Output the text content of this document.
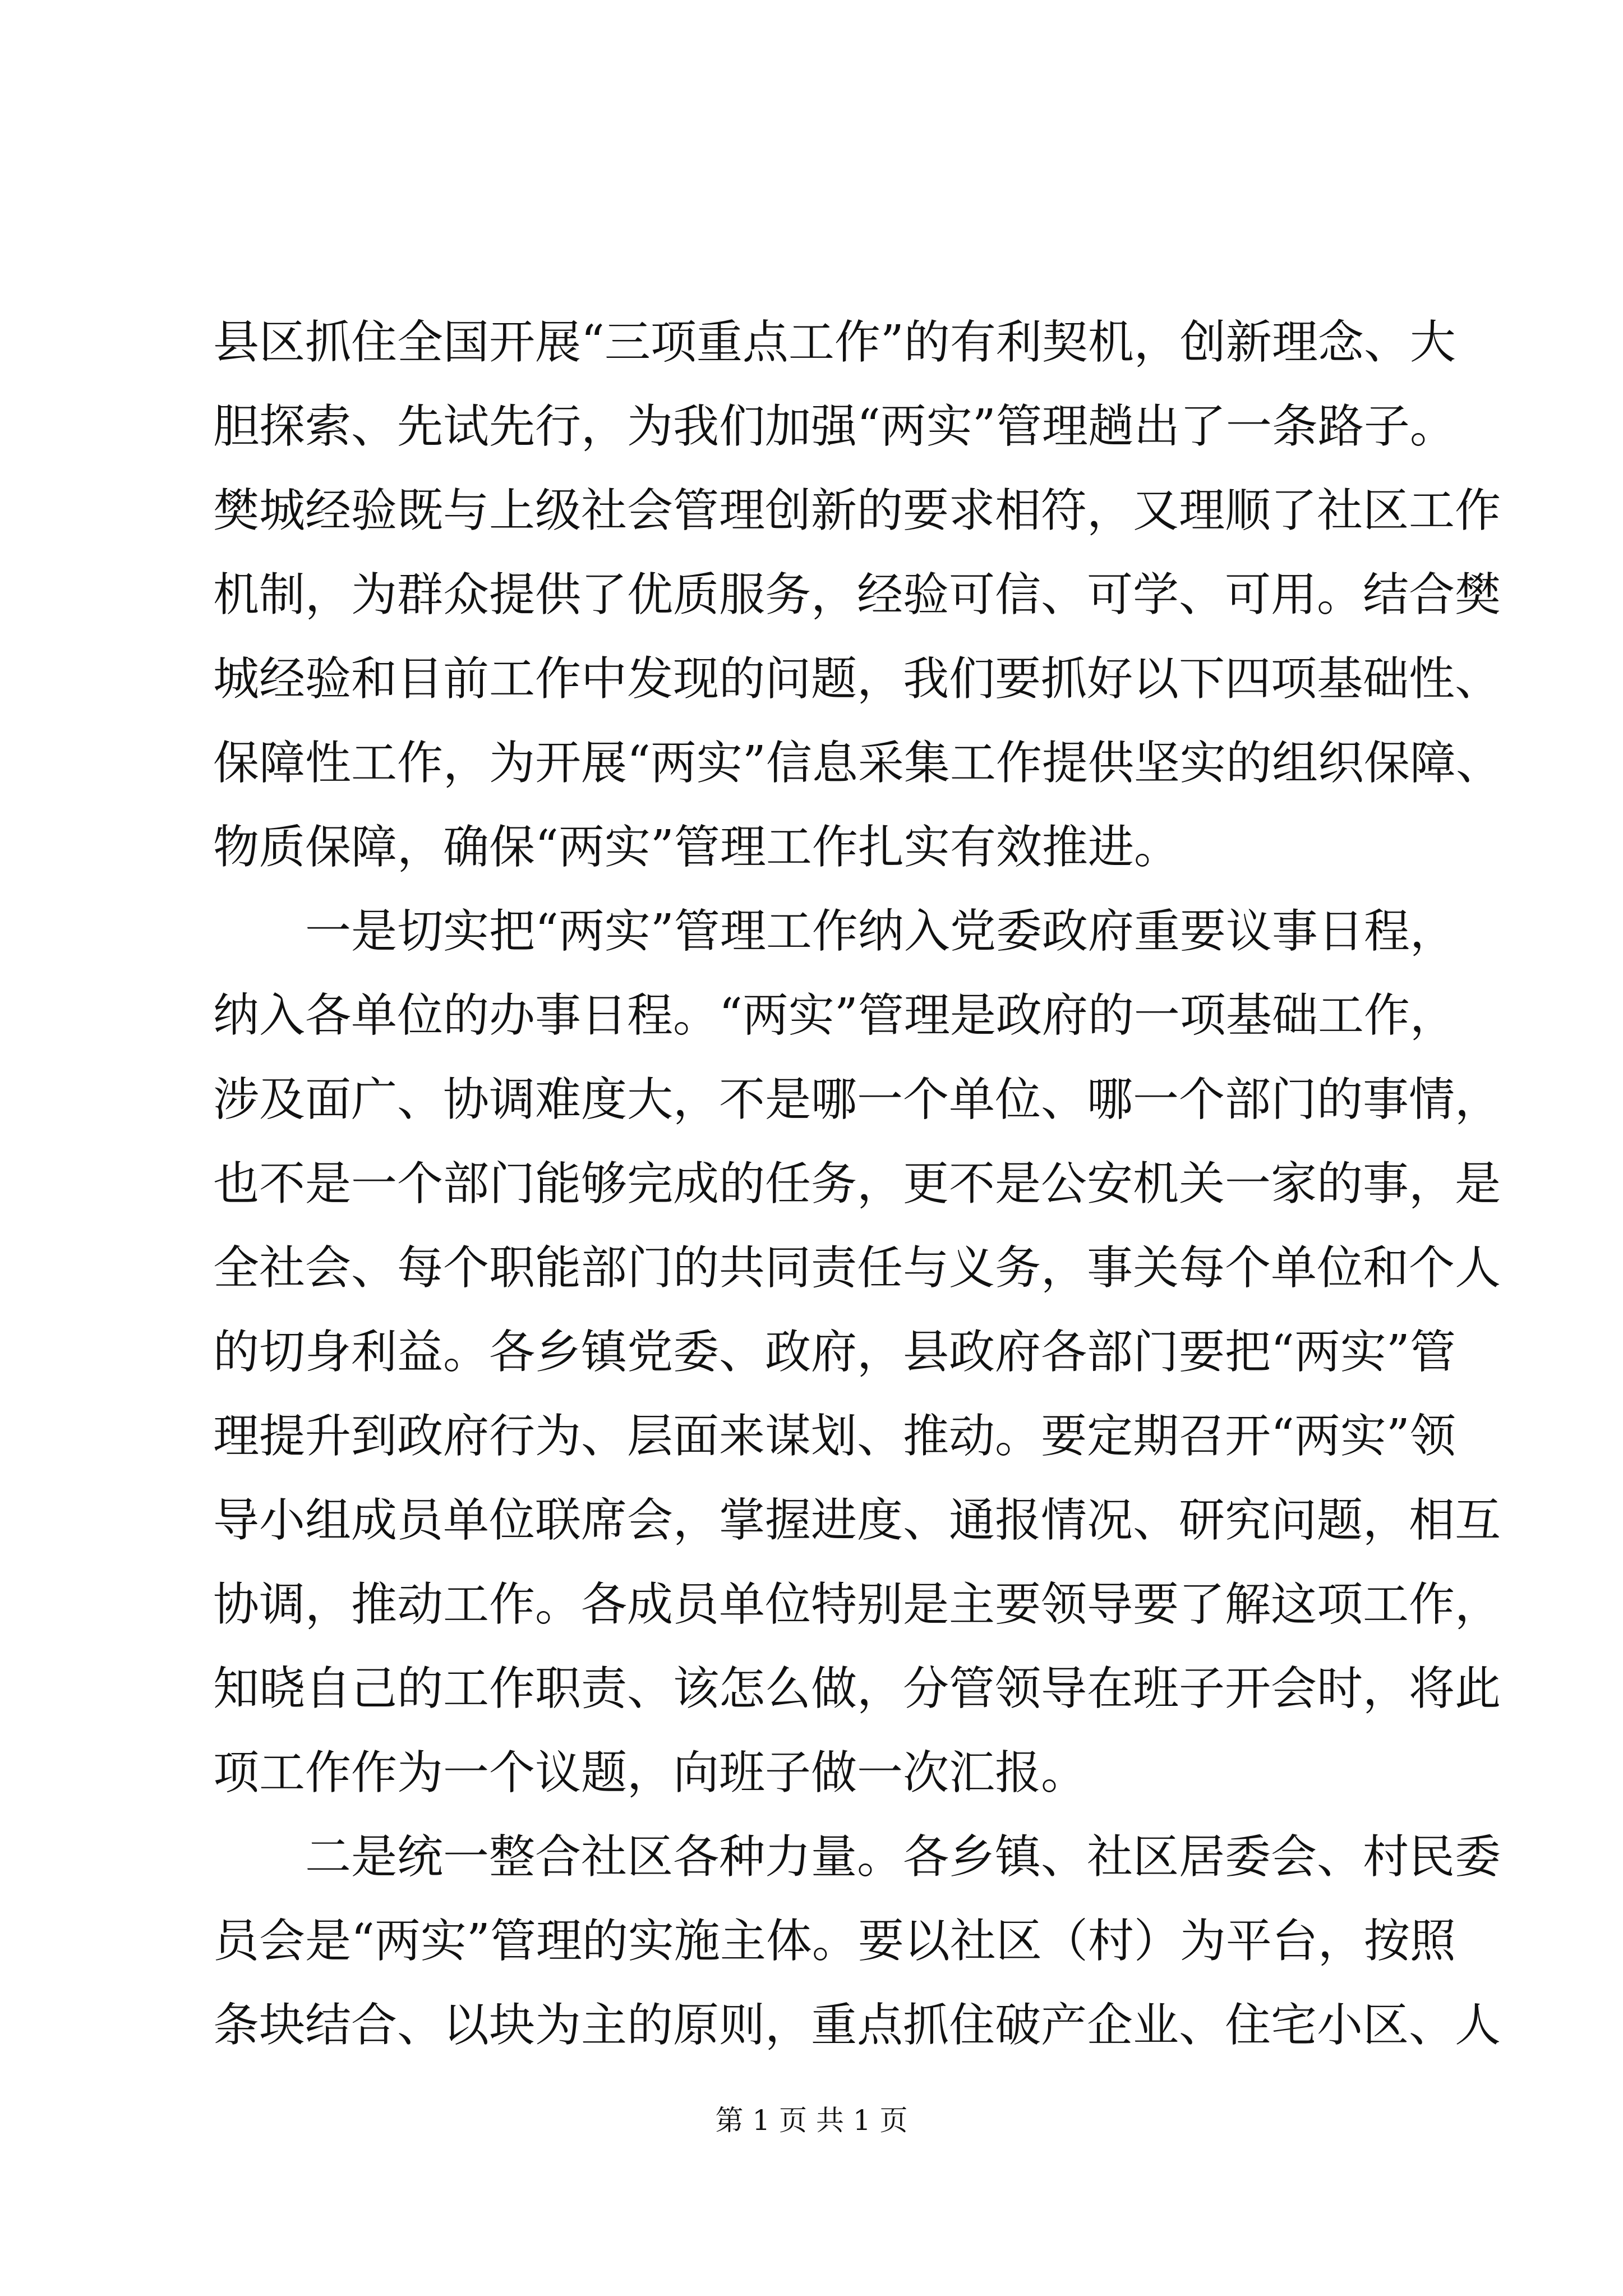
县区抓住全国开展“三项重点工作”的有利契机，创新理念、大
胆探索、先试先行，为我们加强“两实”管理趟出了一条路子。
樊城经验既与上级社会管理创新的要求相符，又理顺了社区工作
机制，为群众提供了优质服务，经验可信、可学、可用。结合樊
城经验和目前工作中发现的问题，我们要抓好以下四项基础性、
保障性工作，为开展“两实”信息采集工作提供坚实的组织保障、
物质保障，确保“两实”管理工作扎实有效推进。
　　一是切实把“两实”管理工作纳入党委政府重要议事日程，
纳入各单位的办事日程。“两实”管理是政府的一项基础工作，
涉及面广、协调难度大，不是哪一个单位、哪一个部门的事情，
也不是一个部门能够完成的任务，更不是公安机关一家的事，是
全社会、每个职能部门的共同责任与义务，事关每个单位和个人
的切身利益。各乡镇党委、政府，县政府各部门要把“两实”管
理提升到政府行为、层面来谋划、推动。要定期召开“两实”领
导小组成员单位联席会，掌握进度、通报情况、研究问题，相互
协调，推动工作。各成员单位特别是主要领导要了解这项工作，
知晓自己的工作职责、该怎么做，分管领导在班子开会时，将此
项工作作为一个议题，向班子做一次汇报。
　　二是统一整合社区各种力量。各乡镇、社区居委会、村民委
员会是“两实”管理的实施主体。要以社区（村）为平台，按照
条块结合、以块为主的原则，重点抓住破产企业、住宅小区、人
第 1 页 共 1 页
